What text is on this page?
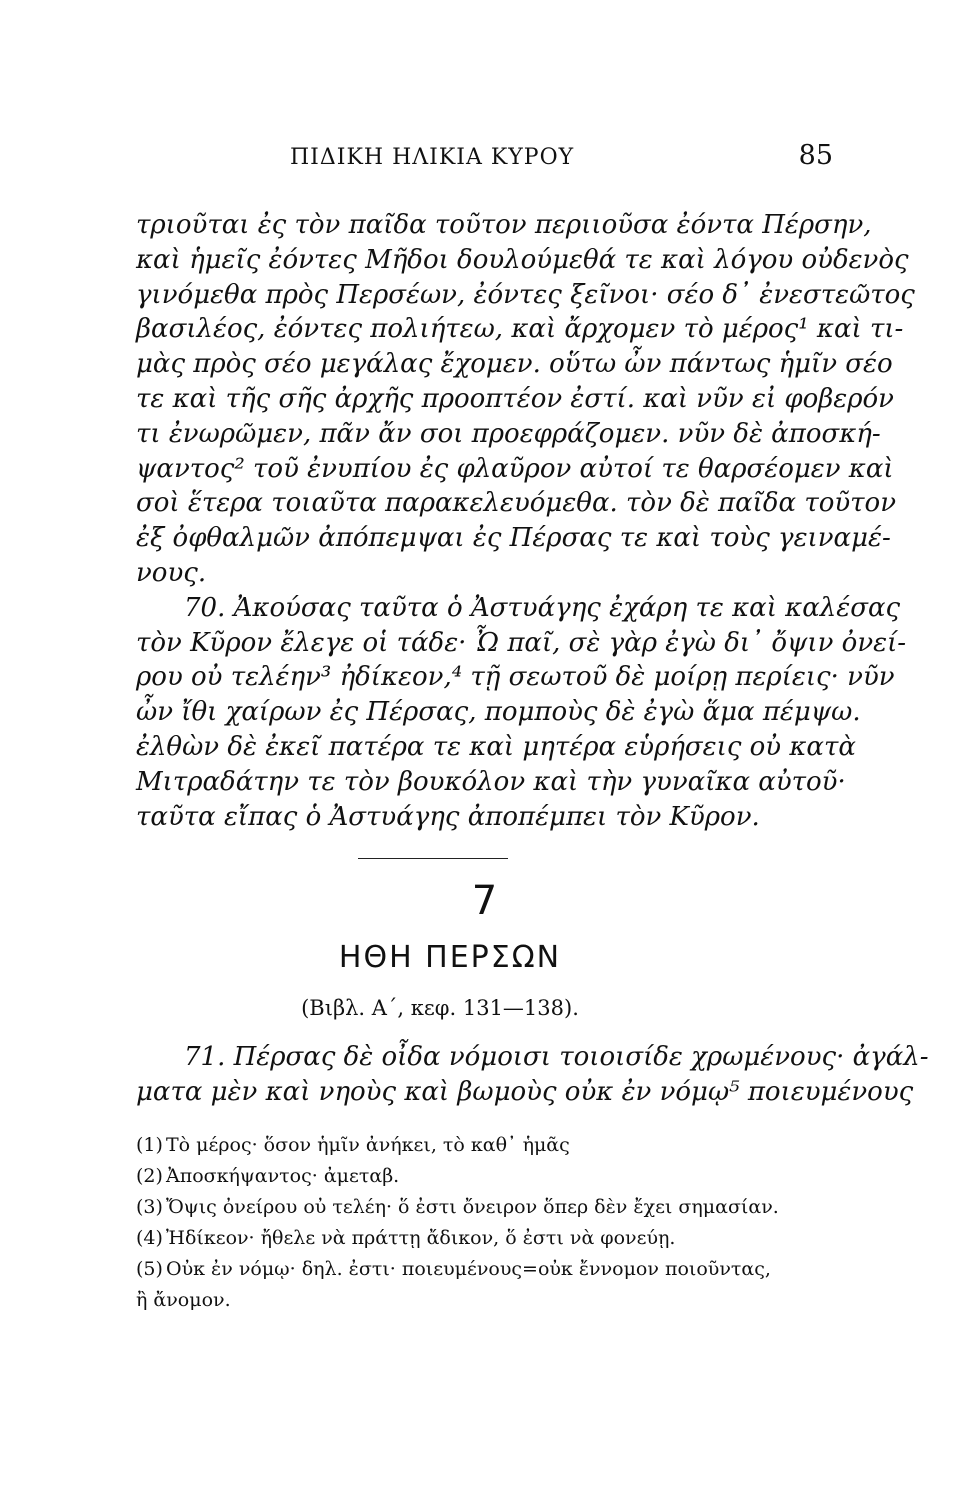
ΠΙΔΙΚΗ ΗΛΙΚΙΑ ΚΥΡΟΥ	85
τριοῦται ἐς τὸν παῖδα τοῦτον περιιοῦσα ἐόντα Πέρσην,
καὶ ἡμεῖς ἐόντες Μῆδοι δουλούμεθά τε καὶ λόγου οὐδενὸς
γινόμεθα πρὸς Περσέων, ἐόντες ξεῖνοι· σέο δ᾿ ἐνεστεῶτος
βασιλέος, ἐόντες πολιήτεω, καὶ ἄρχομεν τὸ μέρος¹ καὶ τι-
μὰς πρὸς σέο μεγάλας ἔχομεν. οὕτω ὦν πάντως ἡμῖν σέο
τε καὶ τῆς σῆς ἀρχῆς προοπτέον ἐστί. καὶ νῦν εἰ φοβερόν
τι ἐνωρῶμεν, πᾶν ἄν σοι προεφράζομεν. νῦν δὲ ἀποσκή-
ψαντος² τοῦ ἐνυπίου ἐς φλαῦρον αὐτοί τε θαρσέομεν καὶ
σοὶ ἕτερα τοιαῦτα παρακελευόμεθα. τὸν δὲ παῖδα τοῦτον
ἐξ ὀφθαλμῶν ἀπόπεμψαι ἐς Πέρσας τε καὶ τοὺς γειναμέ-
νους.
70. Ἀκούσας ταῦτα ὁ Ἀστυάγης ἐχάρη τε καὶ καλέσας
τὸν Κῦρον ἔλεγε οἱ τάδε· Ὦ παῖ, σὲ γὰρ ἐγὼ δι᾿ ὄψιν ὀνεί-
ρου οὐ τελέην³ ἠδίκεον,⁴ τῇ σεωτοῦ δὲ μοίρῃ περίεις· νῦν
ὦν ἴθι χαίρων ἐς Πέρσας, πομποὺς δὲ ἐγὼ ἅμα πέμψω.
ἐλθὼν δὲ ἐκεῖ πατέρα τε καὶ μητέρα εὑρήσεις οὐ κατὰ
Μιτραδάτην τε τὸν βουκόλον καὶ τὴν γυναῖκα αὐτοῦ·
ταῦτα εἴπας ὁ Ἀστυάγης ἀποπέμπει τὸν Κῦρον.
7
ΗΘΗ ΠΕΡΣΩΝ
(Βιβλ. Α΄, κεφ. 131—138).
71. Πέρσας δὲ οἶδα νόμοισι τοιοισίδε χρωμένους· ἀγάλ-
ματα μὲν καὶ νηοὺς καὶ βωμοὺς οὐκ ἐν νόμῳ⁵ ποιευμένους
(1) Τὸ μέρος· ὅσον ἡμῖν ἀνήκει, τὸ καθ᾿ ἡμᾶς
(2) Ἀποσκήψαντος· ἀμεταβ.
(3) Ὄψις ὀνείρου οὐ τελέη· ὅ ἐστι ὄνειρον ὅπερ δὲν ἔχει σημασίαν.
(4) Ἠδίκεον· ἤθελε νὰ πράττῃ ἄδικον, ὅ ἐστι νὰ φονεύῃ.
(5) Οὐκ ἐν νόμῳ· δηλ. ἐστι· ποιευμένους=οὐκ ἔννομον ποιοῦντας,
ἢ ἄνομον.
